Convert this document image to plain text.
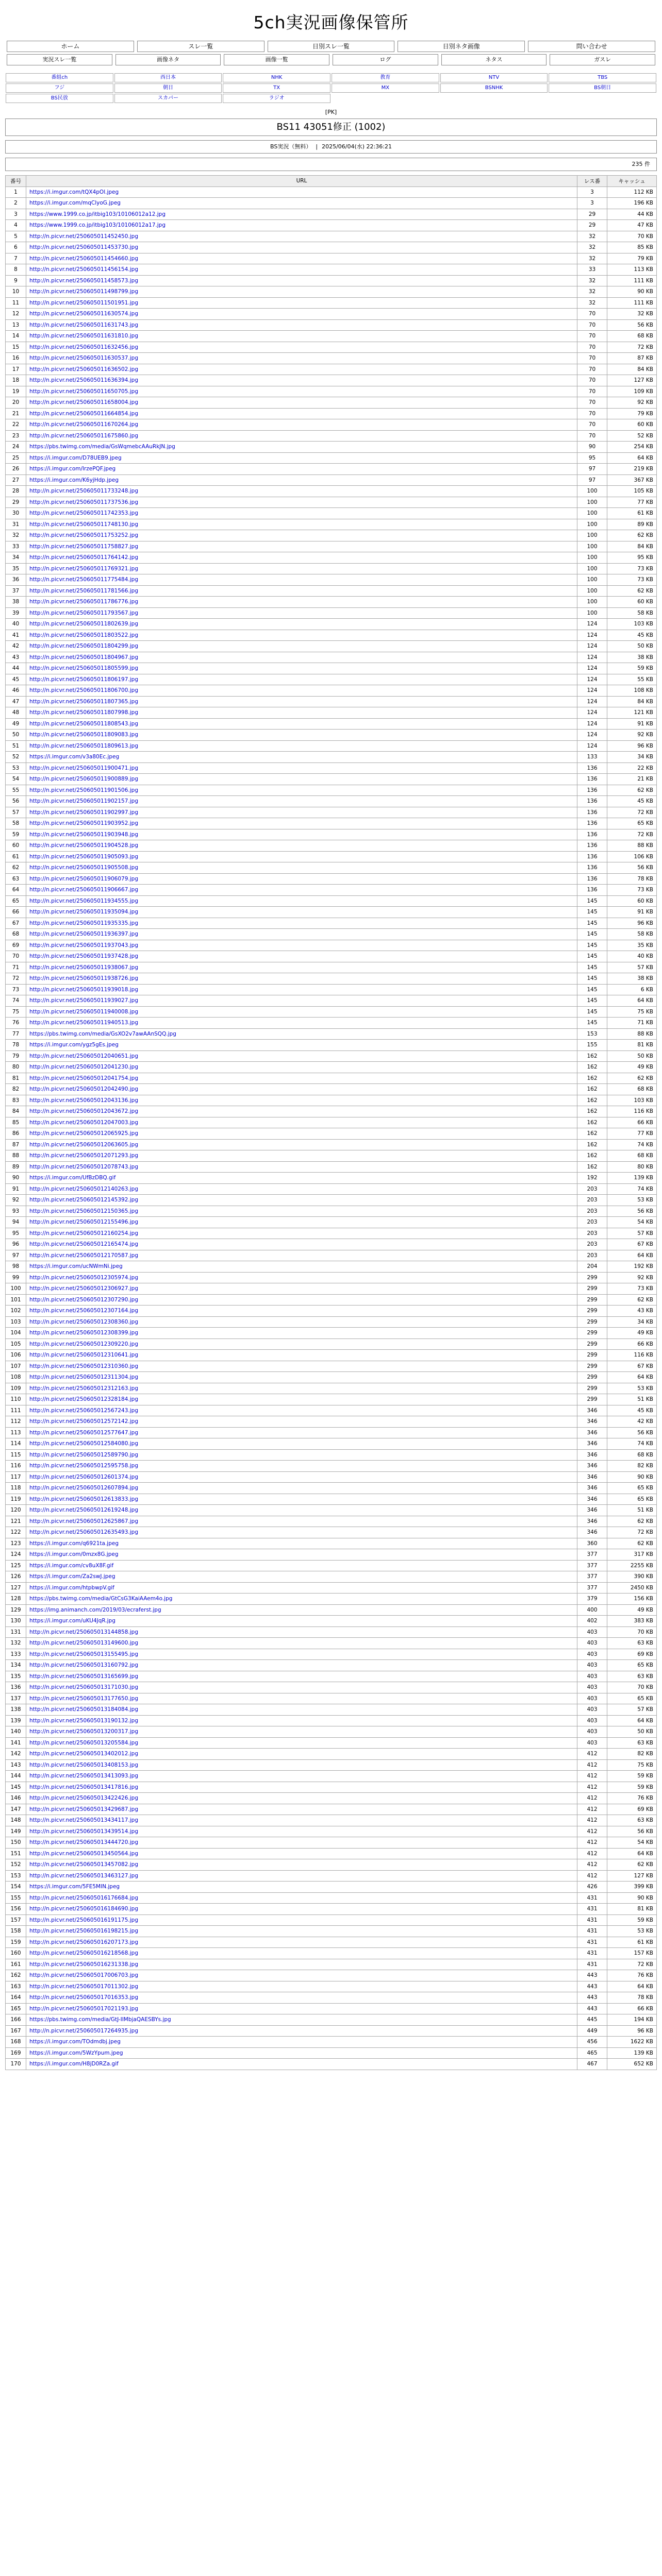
5ch実況画像保管所
ホーム	スレ一覧	日別スレ一覧	日別ネタ画像	問い合わせ
実況スレ一覧	画像ネタ	画像一覧	ログ	ネタス	ガスレ
番組ch	西日本	NHK	教育	NTV	TBS
フジ	朝日	TX	MX	BSNHK	BS朝日
BS民放	スカパー	ラジオ
[PK]
BS11 43051修正 (1002)
BS実況（無料） | 2025/06/04(水) 22:36:21
235 件
番号	URL	レス番	キャッシュ
1	https://i.imgur.com/tQX4pOl.jpeg	3	112 KB
2	https://i.imgur.com/mqClyoG.jpeg	3	196 KB
3	https://www.1999.co.jp/itbig103/10106012a12.jpg	29	44 KB
4	https://www.1999.co.jp/itbig103/10106012a17.jpg	29	47 KB
5	http://n.picvr.net/250605011452450.jpg	32	70 KB
6	http://n.picvr.net/250605011453730.jpg	32	85 KB
7	http://n.picvr.net/250605011454660.jpg	32	79 KB
8	http://n.picvr.net/250605011456154.jpg	33	113 KB
9	http://n.picvr.net/250605011458573.jpg	32	111 KB
10	http://n.picvr.net/250605011498799.jpg	32	90 KB
11	http://n.picvr.net/250605011501951.jpg	32	111 KB
12	http://n.picvr.net/250605011630574.jpg	70	32 KB
13	http://n.picvr.net/250605011631743.jpg	70	56 KB
14	http://n.picvr.net/250605011631810.jpg	70	68 KB
15	http://n.picvr.net/250605011632456.jpg	70	72 KB
16	http://n.picvr.net/250605011630537.jpg	70	87 KB
17	http://n.picvr.net/250605011636502.jpg	70	84 KB
18	http://n.picvr.net/250605011636394.jpg	70	127 KB
19	http://n.picvr.net/250605011650705.jpg	70	109 KB
20	http://n.picvr.net/250605011658004.jpg	70	92 KB
21	http://n.picvr.net/250605011664854.jpg	70	79 KB
22	http://n.picvr.net/250605011670264.jpg	70	60 KB
23	http://n.picvr.net/250605011675860.jpg	70	52 KB
24	https://pbs.twimg.com/media/GsWqmebcAAuRkJN.jpg	90	254 KB
25	https://i.imgur.com/D78UEB9.jpeg	95	64 KB
26	https://i.imgur.com/lrzePQF.jpeg	97	219 KB
27	https://i.imgur.com/K6yjHdp.jpeg	97	367 KB
28	http://n.picvr.net/250605011733248.jpg	100	105 KB
29	http://n.picvr.net/250605011737536.jpg	100	77 KB
30	http://n.picvr.net/250605011742353.jpg	100	61 KB
31	http://n.picvr.net/250605011748130.jpg	100	89 KB
32	http://n.picvr.net/250605011753252.jpg	100	62 KB
33	http://n.picvr.net/250605011758827.jpg	100	84 KB
34	http://n.picvr.net/250605011764142.jpg	100	95 KB
35	http://n.picvr.net/250605011769321.jpg	100	73 KB
36	http://n.picvr.net/250605011775484.jpg	100	73 KB
37	http://n.picvr.net/250605011781566.jpg	100	62 KB
38	http://n.picvr.net/250605011786776.jpg	100	60 KB
39	http://n.picvr.net/250605011793567.jpg	100	58 KB
40	http://n.picvr.net/250605011802639.jpg	124	103 KB
41	http://n.picvr.net/250605011803522.jpg	124	45 KB
42	http://n.picvr.net/250605011804299.jpg	124	50 KB
43	http://n.picvr.net/250605011804967.jpg	124	38 KB
44	http://n.picvr.net/250605011805599.jpg	124	59 KB
45	http://n.picvr.net/250605011806197.jpg	124	55 KB
46	http://n.picvr.net/250605011806700.jpg	124	108 KB
47	http://n.picvr.net/250605011807365.jpg	124	84 KB
48	http://n.picvr.net/250605011807998.jpg	124	121 KB
49	http://n.picvr.net/250605011808543.jpg	124	91 KB
50	http://n.picvr.net/250605011809083.jpg	124	92 KB
51	http://n.picvr.net/250605011809613.jpg	124	96 KB
52	https://i.imgur.com/v3a80Ec.jpeg	133	34 KB
53	http://n.picvr.net/250605011900471.jpg	136	22 KB
54	http://n.picvr.net/250605011900889.jpg	136	21 KB
55	http://n.picvr.net/250605011901506.jpg	136	62 KB
56	http://n.picvr.net/250605011902157.jpg	136	45 KB
57	http://n.picvr.net/250605011902997.jpg	136	72 KB
58	http://n.picvr.net/250605011903952.jpg	136	65 KB
59	http://n.picvr.net/250605011903948.jpg	136	72 KB
60	http://n.picvr.net/250605011904528.jpg	136	88 KB
61	http://n.picvr.net/250605011905093.jpg	136	106 KB
62	http://n.picvr.net/250605011905508.jpg	136	56 KB
63	http://n.picvr.net/250605011906079.jpg	136	78 KB
64	http://n.picvr.net/250605011906667.jpg	136	73 KB
65	http://n.picvr.net/250605011934555.jpg	145	60 KB
66	http://n.picvr.net/250605011935094.jpg	145	91 KB
67	http://n.picvr.net/250605011935335.jpg	145	96 KB
68	http://n.picvr.net/250605011936397.jpg	145	58 KB
69	http://n.picvr.net/250605011937043.jpg	145	35 KB
70	http://n.picvr.net/250605011937428.jpg	145	40 KB
71	http://n.picvr.net/250605011938067.jpg	145	57 KB
72	http://n.picvr.net/250605011938726.jpg	145	38 KB
73	http://n.picvr.net/250605011939018.jpg	145	6 KB
74	http://n.picvr.net/250605011939027.jpg	145	64 KB
75	http://n.picvr.net/250605011940008.jpg	145	75 KB
76	http://n.picvr.net/250605011940513.jpg	145	71 KB
77	https://pbs.twimg.com/media/GsXO2v7awAAnSQQ.jpg	153	88 KB
78	https://i.imgur.com/ygz5gEs.jpeg	155	81 KB
79	http://n.picvr.net/250605012040651.jpg	162	50 KB
80	http://n.picvr.net/250605012041230.jpg	162	49 KB
81	http://n.picvr.net/250605012041754.jpg	162	62 KB
82	http://n.picvr.net/250605012042490.jpg	162	68 KB
83	http://n.picvr.net/250605012043136.jpg	162	103 KB
84	http://n.picvr.net/250605012043672.jpg	162	116 KB
85	http://n.picvr.net/250605012047003.jpg	162	66 KB
86	http://n.picvr.net/250605012065925.jpg	162	77 KB
87	http://n.picvr.net/250605012063605.jpg	162	74 KB
88	http://n.picvr.net/250605012071293.jpg	162	68 KB
89	http://n.picvr.net/250605012078743.jpg	162	80 KB
90	https://i.imgur.com/UfBzDBQ.gif	192	139 KB
91	http://n.picvr.net/250605012140263.jpg	203	74 KB
92	http://n.picvr.net/250605012145392.jpg	203	53 KB
93	http://n.picvr.net/250605012150365.jpg	203	56 KB
94	http://n.picvr.net/250605012155496.jpg	203	54 KB
95	http://n.picvr.net/250605012160254.jpg	203	57 KB
96	http://n.picvr.net/250605012165474.jpg	203	67 KB
97	http://n.picvr.net/250605012170587.jpg	203	64 KB
98	https://i.imgur.com/ucNWmNi.jpeg	204	192 KB
99	http://n.picvr.net/250605012305974.jpg	299	92 KB
100	http://n.picvr.net/250605012306927.jpg	299	73 KB
101	http://n.picvr.net/250605012307290.jpg	299	62 KB
102	http://n.picvr.net/250605012307164.jpg	299	43 KB
103	http://n.picvr.net/250605012308360.jpg	299	34 KB
104	http://n.picvr.net/250605012308399.jpg	299	49 KB
105	http://n.picvr.net/250605012309220.jpg	299	66 KB
106	http://n.picvr.net/250605012310641.jpg	299	116 KB
107	http://n.picvr.net/250605012310360.jpg	299	67 KB
108	http://n.picvr.net/250605012311304.jpg	299	64 KB
109	http://n.picvr.net/250605012312163.jpg	299	53 KB
110	http://n.picvr.net/250605012328184.jpg	299	51 KB
111	http://n.picvr.net/250605012567243.jpg	346	45 KB
112	http://n.picvr.net/250605012572142.jpg	346	42 KB
113	http://n.picvr.net/250605012577647.jpg	346	56 KB
114	http://n.picvr.net/250605012584080.jpg	346	74 KB
115	http://n.picvr.net/250605012589790.jpg	346	68 KB
116	http://n.picvr.net/250605012595758.jpg	346	82 KB
117	http://n.picvr.net/250605012601374.jpg	346	90 KB
118	http://n.picvr.net/250605012607894.jpg	346	65 KB
119	http://n.picvr.net/250605012613833.jpg	346	65 KB
120	http://n.picvr.net/250605012619248.jpg	346	51 KB
121	http://n.picvr.net/250605012625867.jpg	346	62 KB
122	http://n.picvr.net/250605012635493.jpg	346	72 KB
123	https://i.imgur.com/q6921ta.jpeg	360	62 KB
124	https://i.imgur.com/0mzx8G.jpeg	377	317 KB
125	https://i.imgur.com/cv8uX8F.gif	377	2255 KB
126	https://i.imgur.com/Za2swJ.jpeg	377	390 KB
127	https://i.imgur.com/htpbwpV.gif	377	2450 KB
128	https://pbs.twimg.com/media/GtCsG3KaiAAem4o.jpg	379	156 KB
129	https://img.animanch.com/2019/03/ecraferst.jpg	400	49 KB
130	https://i.imgur.com/uKU4JqR.jpg	402	383 KB
131	http://n.picvr.net/250605013144858.jpg	403	70 KB
132	http://n.picvr.net/250605013149600.jpg	403	63 KB
133	http://n.picvr.net/250605013155495.jpg	403	69 KB
134	http://n.picvr.net/250605013160792.jpg	403	65 KB
135	http://n.picvr.net/250605013165699.jpg	403	63 KB
136	http://n.picvr.net/250605013171030.jpg	403	70 KB
137	http://n.picvr.net/250605013177650.jpg	403	65 KB
138	http://n.picvr.net/250605013184084.jpg	403	57 KB
139	http://n.picvr.net/250605013190132.jpg	403	64 KB
140	http://n.picvr.net/250605013200317.jpg	403	50 KB
141	http://n.picvr.net/250605013205584.jpg	403	63 KB
142	http://n.picvr.net/250605013402012.jpg	412	82 KB
143	http://n.picvr.net/250605013408153.jpg	412	75 KB
144	http://n.picvr.net/250605013413093.jpg	412	59 KB
145	http://n.picvr.net/250605013417816.jpg	412	59 KB
146	http://n.picvr.net/250605013422426.jpg	412	76 KB
147	http://n.picvr.net/250605013429687.jpg	412	69 KB
148	http://n.picvr.net/250605013434117.jpg	412	63 KB
149	http://n.picvr.net/250605013439514.jpg	412	56 KB
150	http://n.picvr.net/250605013444720.jpg	412	54 KB
151	http://n.picvr.net/250605013450564.jpg	412	64 KB
152	http://n.picvr.net/250605013457082.jpg	412	62 KB
153	http://n.picvr.net/250605013463127.jpg	412	127 KB
154	https://i.imgur.com/5FE5MIN.jpeg	426	399 KB
155	http://n.picvr.net/250605016176684.jpg	431	90 KB
156	http://n.picvr.net/250605016184690.jpg	431	81 KB
157	http://n.picvr.net/250605016191175.jpg	431	59 KB
158	http://n.picvr.net/250605016198215.jpg	431	53 KB
159	http://n.picvr.net/250605016207173.jpg	431	61 KB
160	http://n.picvr.net/250605016218568.jpg	431	157 KB
161	http://n.picvr.net/250605016231338.jpg	431	72 KB
162	http://n.picvr.net/250605017006703.jpg	443	76 KB
163	http://n.picvr.net/250605017011302.jpg	443	64 KB
164	http://n.picvr.net/250605017016353.jpg	443	78 KB
165	http://n.picvr.net/250605017021193.jpg	443	66 KB
166	https://pbs.twimg.com/media/GtJ-IIMbjaQAESBYs.jpg	445	194 KB
167	http://n.picvr.net/250605017264935.jpg	449	96 KB
168	https://i.imgur.com/TOdmdbj.jpeg	456	1622 KB
169	https://i.imgur.com/5WzYpum.jpeg	465	139 KB
170	https://i.imgur.com/H8jD0RZa.gif	467	652 KB
